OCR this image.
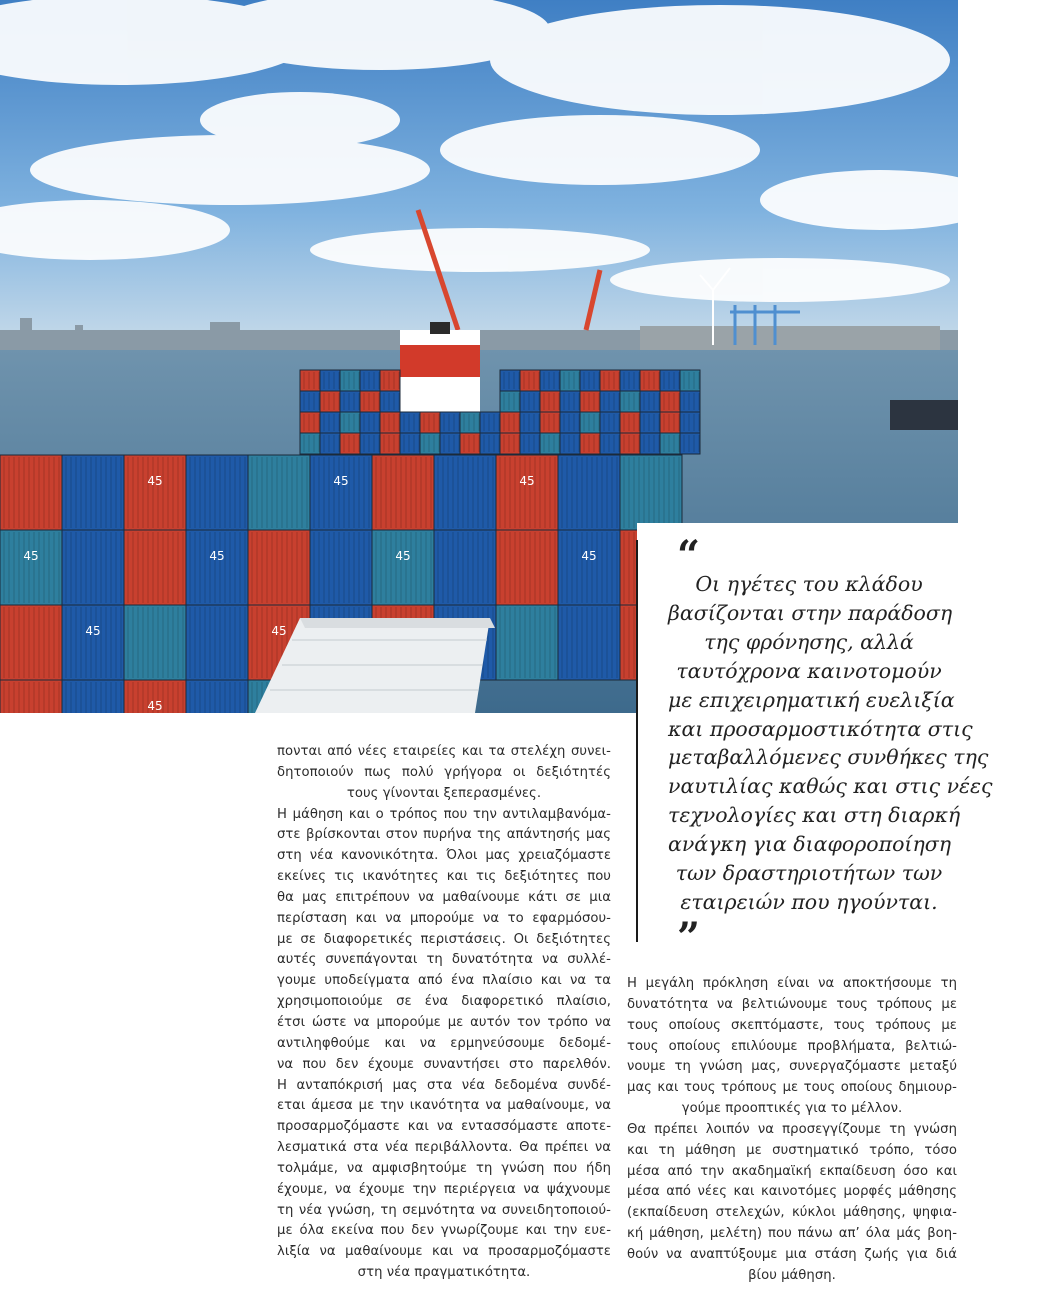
45	45	45
45	45	45	45
45	45
45
“

Οι ηγέτες του κλάδου
βασίζονται στην παράδοση
της φρόνησης, αλλά
ταυτόχρονα καινοτομούν
με επιχειρηματική ευελιξία
και προσαρμοστικότητα στις
μεταβαλλόμενες συνθήκες της
ναυτιλίας καθώς και στις νέες
τεχνολογίες και στη διαρκή
ανάγκη για διαφοροποίηση
των δραστηριοτήτων των
εταιρειών που ηγούνται.

”
πονται από νέες εταιρείες και τα στελέχη συνει-
δητοποιούν πως πολύ γρήγορα οι δεξιότητές
τους γίνονται ξεπερασμένες.
Η μάθηση και ο τρόπος που την αντιλαμβανόμα-
στε βρίσκονται στον πυρήνα της απάντησής μας
στη νέα κανονικότητα. Όλοι μας χρειαζόμαστε
εκείνες τις ικανότητες και τις δεξιότητες που
θα μας επιτρέπουν να μαθαίνουμε κάτι σε μια
περίσταση και να μπορούμε να το εφαρμόσου-
με σε διαφορετικές περιστάσεις. Οι δεξιότητες
αυτές συνεπάγονται τη δυνατότητα να συλλέ-
γουμε υποδείγματα από ένα πλαίσιο και να τα
χρησιμοποιούμε σε ένα διαφορετικό πλαίσιο,
έτσι ώστε να μπορούμε με αυτόν τον τρόπο να
αντιληφθούμε και να ερμηνεύσουμε δεδομέ-
να που δεν έχουμε συναντήσει στο παρελθόν.
Η ανταπόκρισή μας στα νέα δεδομένα συνδέ-
εται άμεσα με την ικανότητα να μαθαίνουμε, να
προσαρμοζόμαστε και να εντασσόμαστε αποτε-
λεσματικά στα νέα περιβάλλοντα. Θα πρέπει να
τολμάμε, να αμφισβητούμε τη γνώση που ήδη
έχουμε, να έχουμε την περιέργεια να ψάχνουμε
τη νέα γνώση, τη σεμνότητα να συνειδητοποιού-
με όλα εκείνα που δεν γνωρίζουμε και την ευε-
λιξία να μαθαίνουμε και να προσαρμοζόμαστε
στη νέα πραγματικότητα.
Η μεγάλη πρόκληση είναι να αποκτήσουμε τη
δυνατότητα να βελτιώνουμε τους τρόπους με
τους οποίους σκεπτόμαστε, τους τρόπους με
τους οποίους επιλύουμε προβλήματα, βελτιώ-
νουμε τη γνώση μας, συνεργαζόμαστε μεταξύ
μας και τους τρόπους με τους οποίους δημιουρ-
γούμε προοπτικές για το μέλλον.
Θα πρέπει λοιπόν να προσεγγίζουμε τη γνώση
και τη μάθηση με συστηματικό τρόπο, τόσο
μέσα από την ακαδημαϊκή εκπαίδευση όσο και
μέσα από νέες και καινοτόμες μορφές μάθησης
(εκπαίδευση στελεχών, κύκλοι μάθησης, ψηφια-
κή μάθηση, μελέτη) που πάνω απ’ όλα μάς βοη-
θούν να αναπτύξουμε μια στάση ζωής για διά
βίου μάθηση.
